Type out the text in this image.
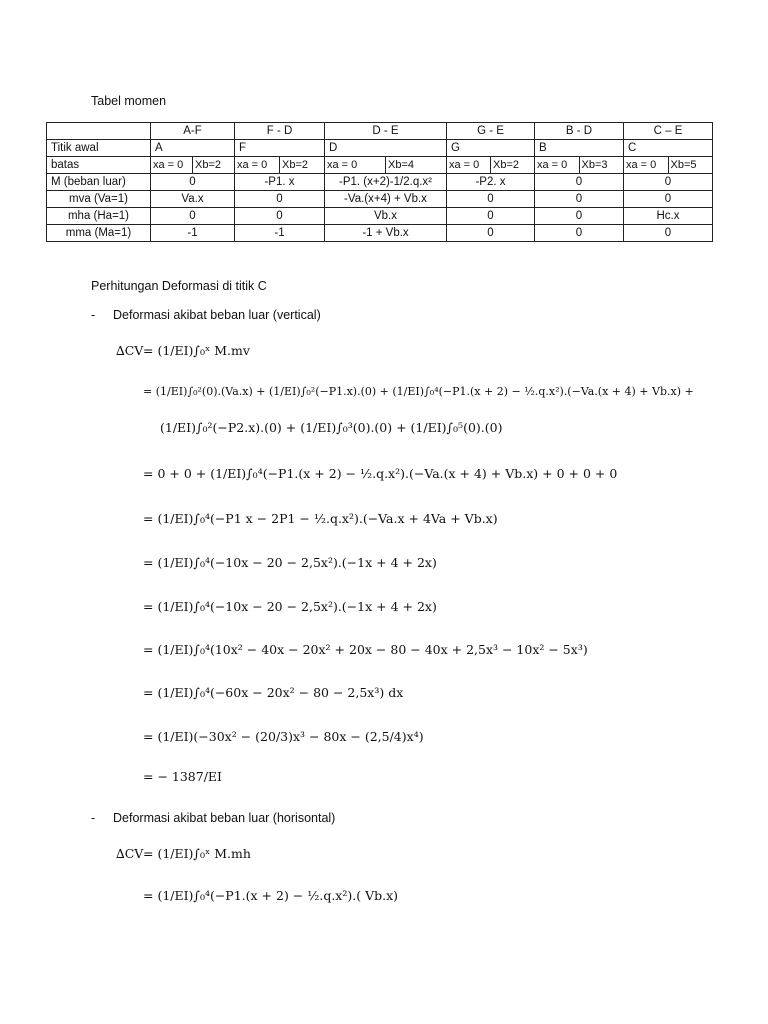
Tabel momen
	A-F	F - D	D - E	G - E	B - D	C – E
Titik awal	A	F	D	G	B	C
batas	xa = 0 Xb=2	xa = 0 Xb=2	xa = 0 Xb=4	xa = 0 Xb=2	xa = 0 Xb=3	xa = 0 Xb=5

M (beban luar)	0	-P1. x	-P1. (x+2)-1/2.q.x²	-P2. x	0	0
mva (Va=1)	Va.x	0	-Va.(x+4) + Vb.x	0	0	0
mha (Ha=1)	0	0	Vb.x	0	0	Hc.x
mma (Ma=1)	-1	-1	-1 + Vb.x	0	0	0
Perhitungan Deformasi di titik C
- Deformasi akibat beban luar (vertical)
∆CV = (1/EI)∫₀ˣ M.mv
= (1/EI)∫₀²(0).(Va.x) + (1/EI)∫₀²(−P1.x).(0) + (1/EI)∫₀⁴(−P1.(x + 2) − ½.q.x²).(−Va.(x + 4) + Vb.x) +
(1/EI)∫₀²(−P2.x).(0) + (1/EI)∫₀³(0).(0) + (1/EI)∫₀⁵(0).(0)
= 0 + 0 + (1/EI)∫₀⁴(−P1.(x + 2) − ½.q.x²).(−Va.(x + 4) + Vb.x) + 0 + 0 + 0
= (1/EI)∫₀⁴(−P1 x − 2P1 − ½.q.x²).(−Va.x + 4Va + Vb.x)
= (1/EI)∫₀⁴(−10x − 20 − 2,5x²).(−1x + 4 + 2x)
= (1/EI)∫₀⁴(−10x − 20 − 2,5x²).(−1x + 4 + 2x)
= (1/EI)∫₀⁴(10x² − 40x − 20x² + 20x − 80 − 40x + 2,5x³ − 10x² − 5x³)
= (1/EI)∫₀⁴(−60x − 20x² − 80 − 2,5x³) dx
= (1/EI)(−30x² − (20/3)x³ − 80x − (2,5/4)x⁴)
= − 1387/EI
- Deformasi akibat beban luar (horisontal)
∆CV = (1/EI)∫₀ˣ M.mh
= (1/EI)∫₀⁴(−P1.(x + 2) − ½.q.x²).( Vb.x)
